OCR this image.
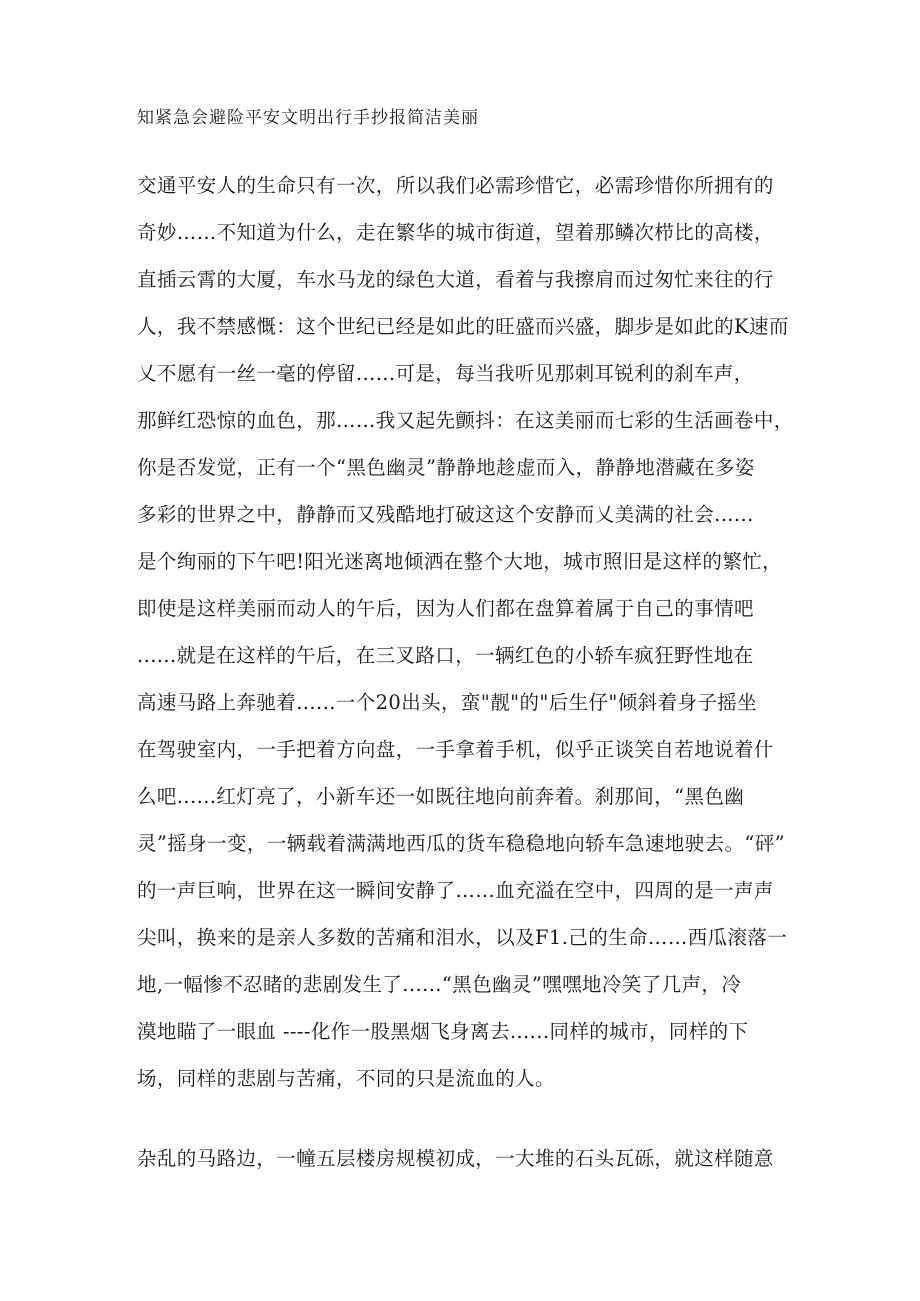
知紧急会避险平安文明出行手抄报简洁美丽
交通平安人的生命只有一次，所以我们必需珍惜它，必需珍惜你所拥有的
奇妙……不知道为什么，走在繁华的城市街道，望着那鳞次栉比的高楼，
直插云霄的大厦，车水马龙的绿色大道，看着与我擦肩而过匆忙来往的行
人，我不禁感慨：这个世纪已经是如此的旺盛而兴盛，脚步是如此的K速而
乂不愿有一丝一毫的停留......可是，每当我听见那刺耳锐利的刹车声，
那鲜红恐惊的血色，那……我又起先颤抖：在这美丽而七彩的生活画卷中，
你是否发觉，正有一个“黑色幽灵”静静地趁虚而入，静静地潜藏在多姿
多彩的世界之中，静静而又残酷地打破这这个安静而乂美满的社会......
是个绚丽的下午吧!阳光迷离地倾洒在整个大地，城市照旧是这样的繁忙，
即使是这样美丽而动人的午后，因为人们都在盘算着属于自己的事情吧
......就是在这样的午后，在三叉路口，一辆红色的小轿车疯狂野性地在
高速马路上奔驰着......一个20出头，蛮"靓"的"后生仔"倾斜着身子摇坐
在驾驶室内，一手把着方向盘，一手拿着手机，似乎正谈笑自若地说着什
么吧......红灯亮了，小新车还一如既往地向前奔着。刹那间，“黑色幽
灵”摇身一变，一辆载着满满地西瓜的货车稳稳地向轿车急速地驶去。“砰”
的一声巨响，世界在这一瞬间安静了……血充溢在空中，四周的是一声声
尖叫，换来的是亲人多数的苦痛和泪水，以及F1.己的生命……西瓜滚落一
地,一幅惨不忍睹的悲剧发生了......“黑色幽灵”嘿嘿地冷笑了几声，冷
漠地瞄了一眼血 ----化作一股黑烟飞身离去......同样的城市，同样的下
场，同样的悲剧与苦痛，不同的只是流血的人。
杂乱的马路边，一幢五层楼房规模初成，一大堆的石头瓦砾，就这样随意
